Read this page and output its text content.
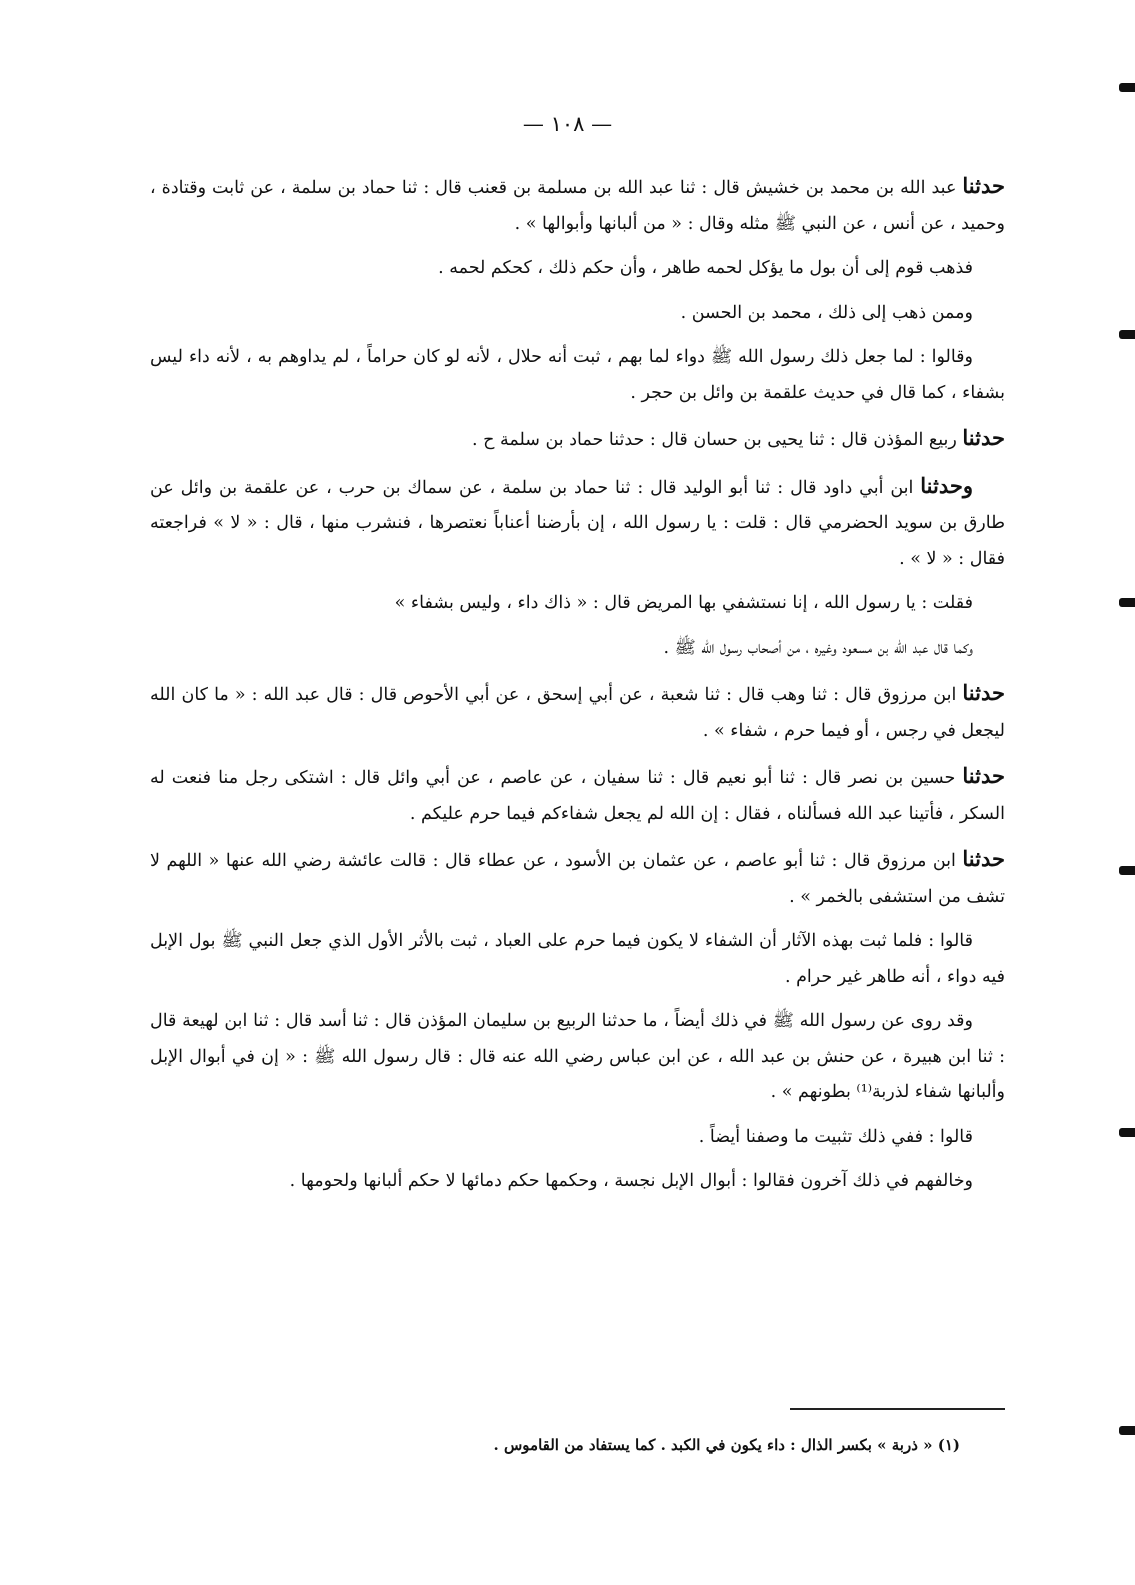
— ١٠٨ —

حدثنا عبد الله بن محمد بن خشيش قال : ثنا عبد الله بن مسلمة بن قعنب قال : ثنا حماد بن سلمة ، عن ثابت وقتادة ، وحميد ، عن أنس ، عن النبي ﷺ مثله وقال : « من ألبانها وأبوالها » .

فذهب قوم إلى أن بول ما يؤكل لحمه طاهر ، وأن حكم ذلك ، كحكم لحمه .

وممن ذهب إلى ذلك ، محمد بن الحسن .

وقالوا : لما جعل ذلك رسول الله ﷺ دواء لما بهم ، ثبت أنه حلال ، لأنه لو كان حراماً ، لم يداوهم به ، لأنه داء ليس بشفاء ، كما قال في حديث علقمة بن وائل بن حجر .

حدثنا ربيع المؤذن قال : ثنا يحيى بن حسان قال : حدثنا حماد بن سلمة ح .

وحدثنا ابن أبي داود قال : ثنا أبو الوليد قال : ثنا حماد بن سلمة ، عن سماك بن حرب ، عن علقمة بن وائل عن طارق بن سويد الحضرمي قال : قلت : يا رسول الله ، إن بأرضنا أعناباً نعتصرها ، فنشرب منها ، قال : « لا » فراجعته فقال : « لا » .

فقلت : يا رسول الله ، إنا نستشفي بها المريض قال : « ذاك داء ، وليس بشفاء »

وكما قال عبد الله بن مسعود وغيره ، من أصحاب رسول الله ﷺ .

حدثنا ابن مرزوق قال : ثنا وهب قال : ثنا شعبة ، عن أبي إسحق ، عن أبي الأحوص قال : قال عبد الله : « ما كان الله ليجعل في رجس ، أو فيما حرم ، شفاء » .

حدثنا حسين بن نصر قال : ثنا أبو نعيم قال : ثنا سفيان ، عن عاصم ، عن أبي وائل قال : اشتكى رجل منا فنعت له السكر ، فأتينا عبد الله فسألناه ، فقال : إن الله لم يجعل شفاءكم فيما حرم عليكم .

حدثنا ابن مرزوق قال : ثنا أبو عاصم ، عن عثمان بن الأسود ، عن عطاء قال : قالت عائشة رضي الله عنها « اللهم لا تشف من استشفى بالخمر » .

قالوا : فلما ثبت بهذه الآثار أن الشفاء لا يكون فيما حرم على العباد ، ثبت بالأثر الأول الذي جعل النبي ﷺ بول الإبل فيه دواء ، أنه طاهر غير حرام .

وقد روى عن رسول الله ﷺ في ذلك أيضاً ، ما حدثنا الربيع بن سليمان المؤذن قال : ثنا أسد قال : ثنا ابن لهيعة قال : ثنا ابن هبيرة ، عن حنش بن عبد الله ، عن ابن عباس رضي الله عنه قال : قال رسول الله ﷺ : « إن في أبوال الإبل وألبانها شفاء لذربة⁽¹⁾ بطونهم » .

قالوا : ففي ذلك تثبيت ما وصفنا أيضاً .

وخالفهم في ذلك آخرون فقالوا : أبوال الإبل نجسة ، وحكمها حكم دمائها لا حكم ألبانها ولحومها .

(١) « ذربة » بكسر الذال : داء يكون في الكبد . كما يستفاد من القاموس .
